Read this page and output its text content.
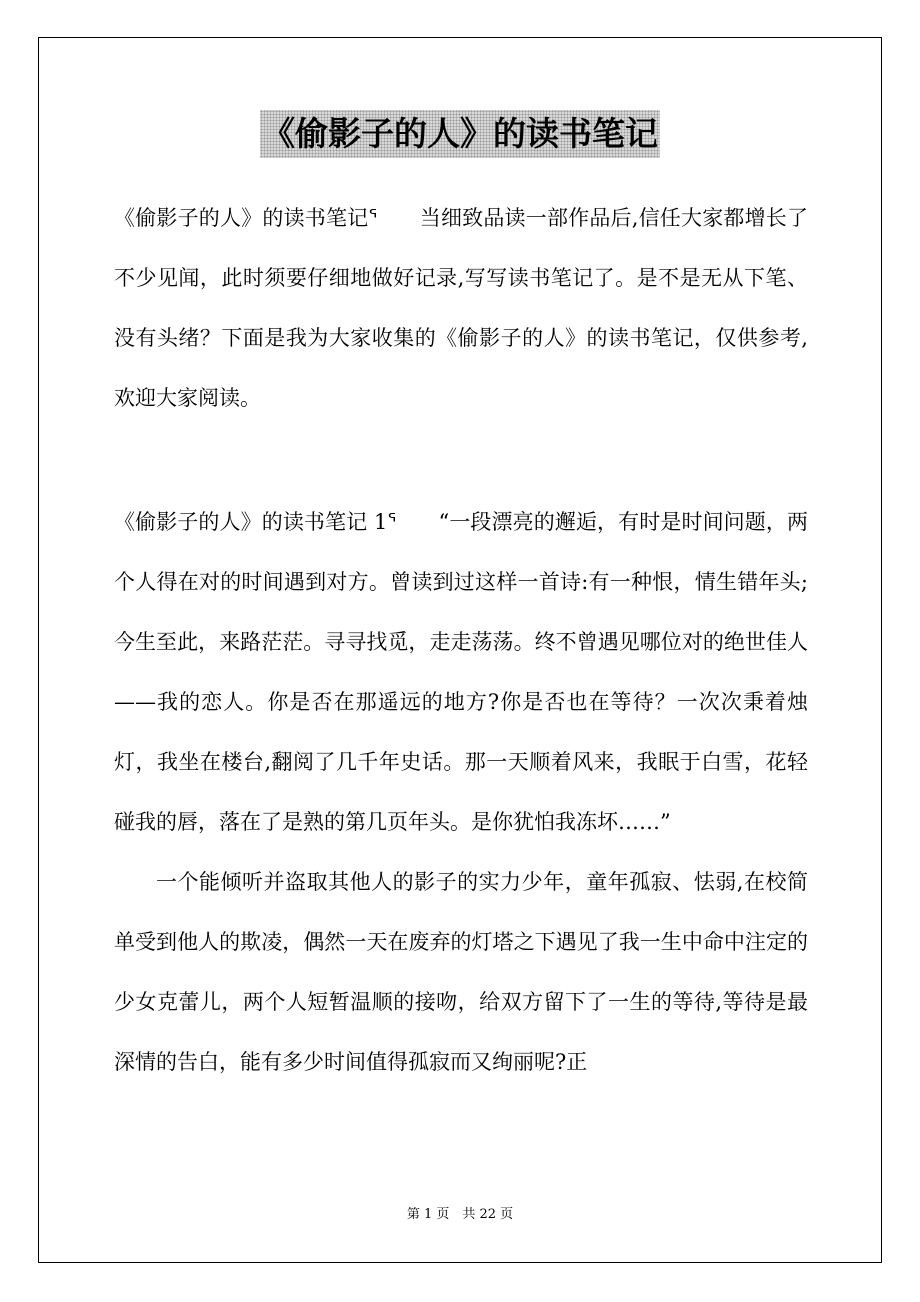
《偷影子的人》的读书笔记

《偷影子的人》的读书笔记ᕐ　　当细致品读一部作品后,信任大家都增长了不少见闻，此时须要仔细地做好记录,写写读书笔记了。是不是无从下笔、没有头绪？下面是我为大家收集的《偷影子的人》的读书笔记，仅供参考,欢迎大家阅读。

《偷影子的人》的读书笔记 1ᕐ　　“一段漂亮的邂逅，有时是时间问题，两个人得在对的时间遇到对方。曾读到过这样一首诗:有一种恨，情生错年头;今生至此，来路茫茫。寻寻找觅，走走荡荡。终不曾遇见哪位对的绝世佳人——我的恋人。你是否在那遥远的地方?你是否也在等待？一次次秉着烛灯，我坐在楼台,翻阅了几千年史话。那一天顺着风来，我眠于白雪，花轻碰我的唇，落在了是熟的第几页年头。是你犹怕我冻坏……”

一个能倾听并盗取其他人的影子的实力少年，童年孤寂、怯弱,在校简单受到他人的欺凌，偶然一天在废弃的灯塔之下遇见了我一生中命中注定的少女克蕾儿，两个人短暂温顺的接吻，给双方留下了一生的等待,等待是最深情的告白，能有多少时间值得孤寂而又绚丽呢?正

第 1 页　共 22 页
